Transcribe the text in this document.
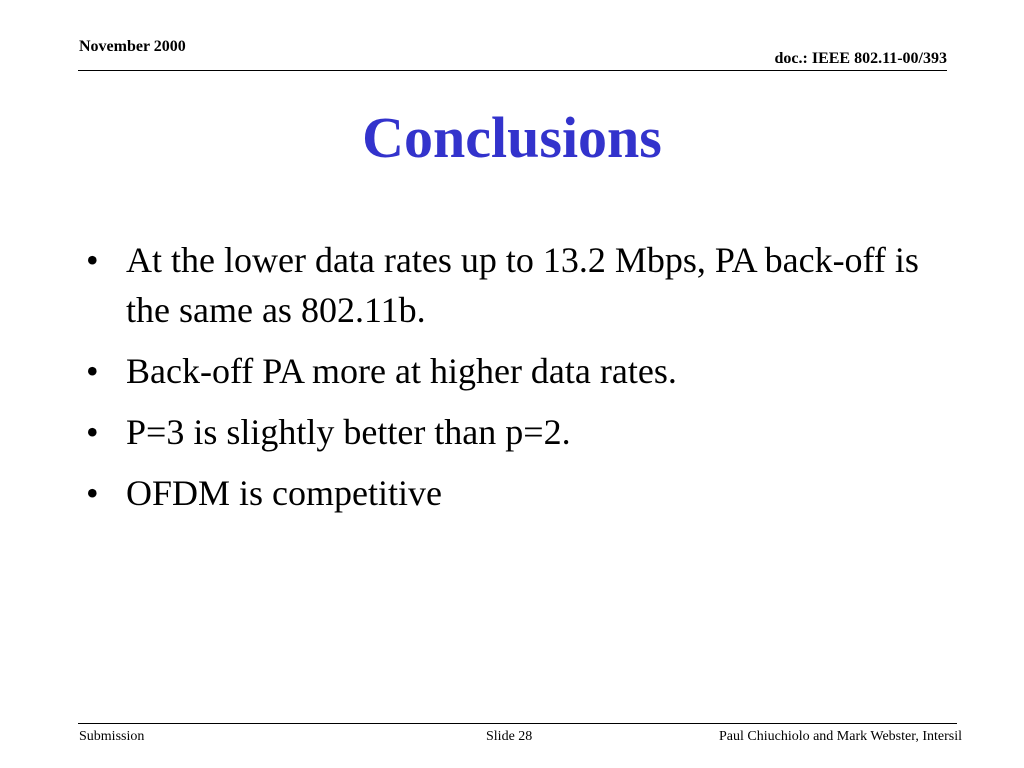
November 2000
doc.: IEEE 802.11-00/393
Conclusions
• At the lower data rates up to 13.2 Mbps, PA back-off is the same as 802.11b.
• Back-off PA more at higher data rates.
• P=3 is slightly better than p=2.
• OFDM is competitive
Submission	Slide 28	Paul Chiuchiolo and Mark Webster, Intersil
